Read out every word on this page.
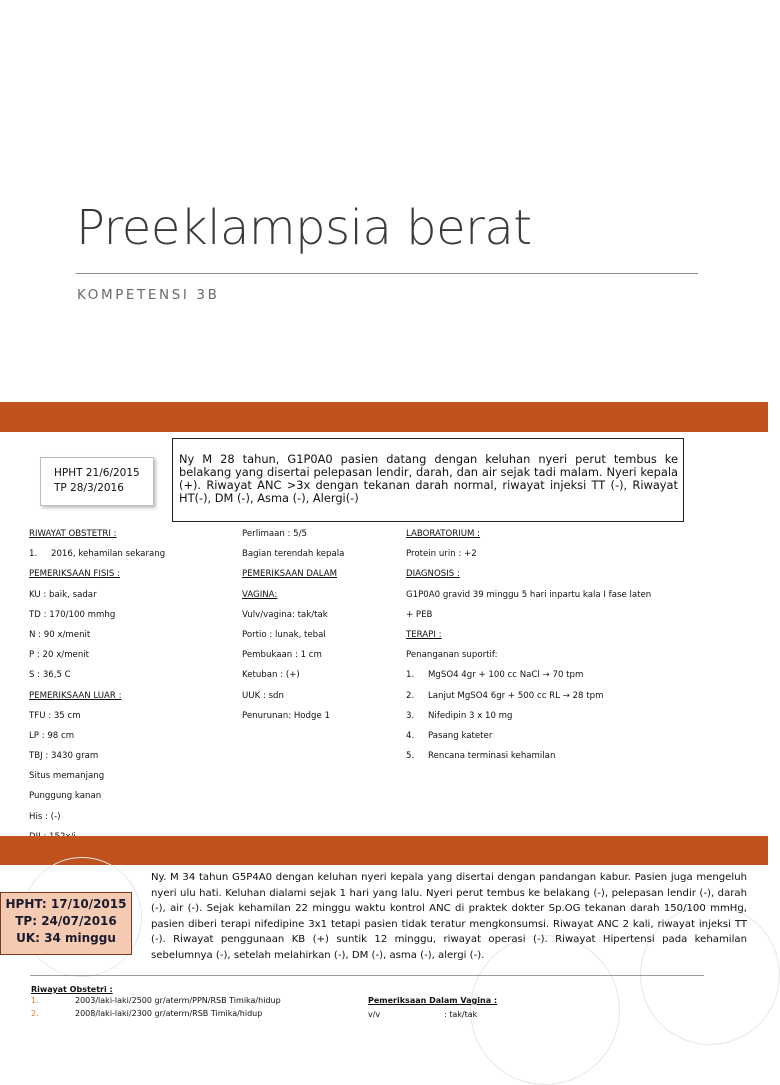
Preeklampsia berat
KOMPETENSI 3B
HPHT 21/6/2015
TP 28/3/2016
Ny M 28 tahun, G1P0A0 pasien datang dengan keluhan nyeri perut tembus ke belakang yang disertai pelepasan lendir, darah, dan air sejak tadi malam. Nyeri kepala (+). Riwayat ANC >3x dengan tekanan darah normal, riwayat injeksi TT (-), Riwayat HT(-), DM (-), Asma (-), Alergi(-)
RIWAYAT OBSTETRI :
1. 2016, kehamilan sekarang
PEMERIKSAAN FISIS :
KU : baik, sadar
TD : 170/100 mmhg
N : 90 x/menit
P : 20 x/menit
S : 36,5 C
PEMERIKSAAN LUAR :
TFU : 35 cm
LP : 98 cm
TBJ : 3430 gram
Situs memanjang
Punggung kanan
His : (-)
Perlimaan : 5/5
Bagian terendah kepala
PEMERIKSAAN DALAM
VAGINA:
Vulv/vagina: tak/tak
Portio : lunak, tebal
Pembukaan : 1 cm
Ketuban : (+)
UUK : sdn
Penurunan: Hodge 1
LABORATORIUM :
Protein urin : +2
DIAGNOSIS :
G1P0A0 gravid 39 minggu 5 hari inpartu kala I fase laten
+ PEB
TERAPI :
Penanganan suportif:
1. MgSO4 4gr + 100 cc NaCl → 70 tpm
2. Lanjut MgSO4 6gr + 500 cc RL → 28 tpm
3. Nifedipin 3 x 10 mg
4. Pasang kateter
5. Rencana terminasi kehamilan
HPHT: 17/10/2015
TP: 24/07/2016
UK: 34 minggu
Ny. M 34 tahun G5P4A0 dengan keluhan nyeri kepala yang disertai dengan pandangan kabur. Pasien juga mengeluh nyeri ulu hati. Keluhan dialami sejak 1 hari yang lalu. Nyeri perut tembus ke belakang (-), pelepasan lendir (-), darah (-), air (-). Sejak kehamilan 22 minggu waktu kontrol ANC di praktek dokter Sp.OG tekanan darah 150/100 mmHg, pasien diberi terapi nifedipine 3x1 tetapi pasien tidak teratur mengkonsumsi. Riwayat ANC 2 kali, riwayat injeksi TT (-). Riwayat penggunaan KB (+) suntik 12 minggu, riwayat operasi (-). Riwayat Hipertensi pada kehamilan sebelumnya (-), setelah melahirkan (-), DM (-), asma (-), alergi (-).
Riwayat Obstetri :
1.	2003/laki-laki/2500 gr/aterm/PPN/RSB Timika/hidup
2.	2008/laki-laki/2300 gr/aterm/RSB Timika/hidup
Pemeriksaan Dalam Vagina :
v/v	: tak/tak
